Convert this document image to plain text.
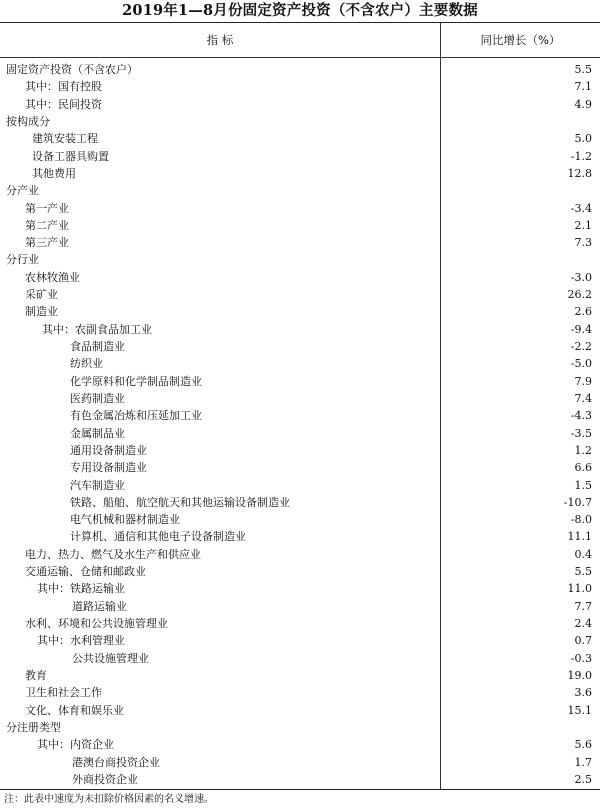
2019年1—8月份固定资产投资（不含农户）主要数据
指 标	同比增长（%）
固定资产投资（不含农户）	5.5
其中：国有控股	7.1
其中：民间投资	4.9
按构成分
建筑安装工程	5.0
设备工器具购置	-1.2
其他费用	12.8
分产业
第一产业	-3.4
第二产业	2.1
第三产业	7.3
分行业
农林牧渔业	-3.0
采矿业	26.2
制造业	2.6
其中：农副食品加工业	-9.4
食品制造业	-2.2
纺织业	-5.0
化学原料和化学制品制造业	7.9
医药制造业	7.4
有色金属冶炼和压延加工业	-4.3
金属制品业	-3.5
通用设备制造业	1.2
专用设备制造业	6.6
汽车制造业	1.5
铁路、船舶、航空航天和其他运输设备制造业	-10.7
电气机械和器材制造业	-8.0
计算机、通信和其他电子设备制造业	11.1
电力、热力、燃气及水生产和供应业	0.4
交通运输、仓储和邮政业	5.5
其中：铁路运输业	11.0
道路运输业	7.7
水利、环境和公共设施管理业	2.4
其中：水利管理业	0.7
公共设施管理业	-0.3
教育	19.0
卫生和社会工作	3.6
文化、体育和娱乐业	15.1
分注册类型
其中：内资企业	5.6
港澳台商投资企业	1.7
外商投资企业	2.5
注：此表中速度为未扣除价格因素的名义增速。
